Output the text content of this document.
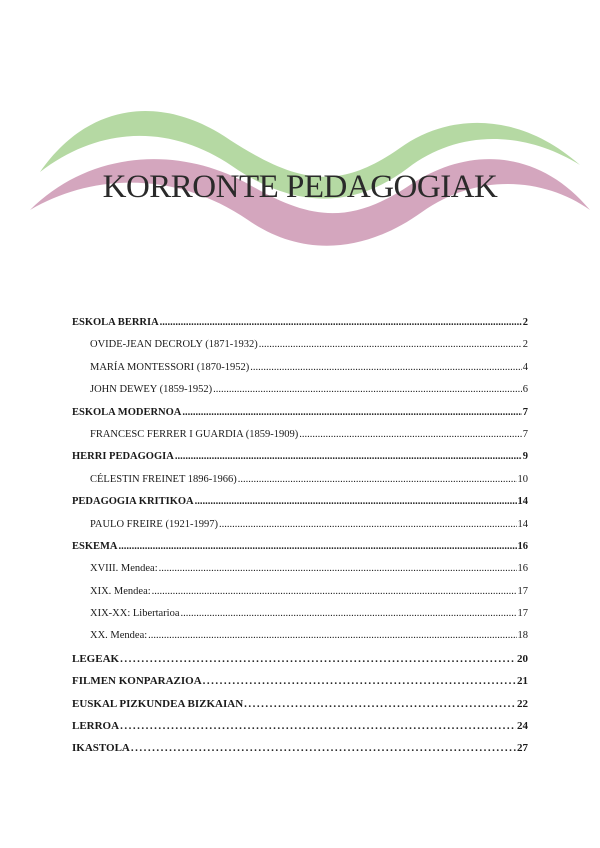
KORRONTE PEDAGOGIAK
ESKOLA BERRIA .....	2
OVIDE-JEAN DECROLY (1871-1932) .....	2
MARÍA MONTESSORI (1870-1952) .....	4
JOHN DEWEY (1859-1952) .....	6
ESKOLA MODERNOA .....	7
FRANCESC FERRER I GUARDIA (1859-1909) .....	7
HERRI PEDAGOGIA .....	9
CÉLESTIN FREINET 1896-1966) .....	10
PEDAGOGIA KRITIKOA .....	14
PAULO FREIRE (1921-1997) .....	14
ESKEMA .....	16
XVIII. Mendea: .....	16
XIX. Mendea: .....	17
XIX-XX: Libertarioa .....	17
XX. Mendea: .....	18
LEGEAK .....	20
FILMEN KONPARAZIOA .....	21
EUSKAL PIZKUNDEA BIZKAIAN .....	22
LERROA .....	24
IKASTOLA .....	27
